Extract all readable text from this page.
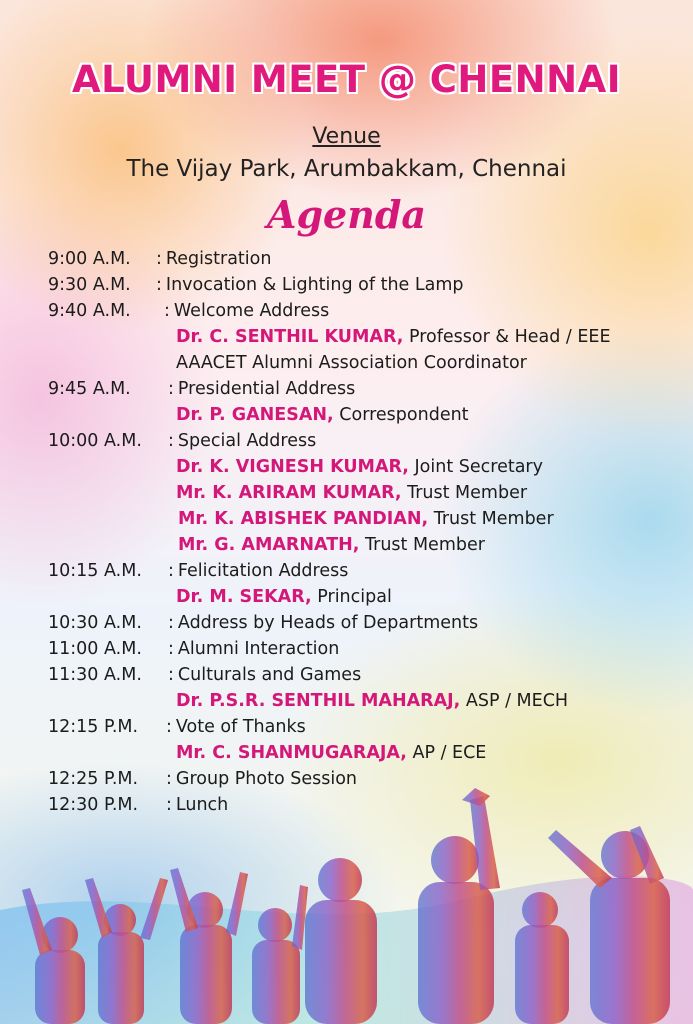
ALUMNI MEET @ CHENNAI
Venue
The Vijay Park, Arumbakkam, Chennai
Agenda
9:00 A.M. : Registration
9:30 A.M. : Invocation & Lighting of the Lamp
9:40 A.M. : Welcome Address
Dr. C. SENTHIL KUMAR, Professor & Head / EEE
AAACET Alumni Association Coordinator
9:45 A.M. : Presidential Address
Dr. P. GANESAN, Correspondent
10:00 A.M. : Special Address
Dr. K. VIGNESH KUMAR, Joint Secretary
Mr. K. ARIRAM KUMAR, Trust Member
Mr. K. ABISHEK PANDIAN, Trust Member
Mr. G. AMARNATH, Trust Member
10:15 A.M. : Felicitation Address
Dr. M. SEKAR, Principal
10:30 A.M. : Address by Heads of Departments
11:00 A.M. : Alumni Interaction
11:30 A.M. : Culturals and Games
Dr. P.S.R. SENTHIL MAHARAJ, ASP / MECH
12:15 P.M. : Vote of Thanks
Mr. C. SHANMUGARAJA, AP / ECE
12:25 P.M. : Group Photo Session
12:30 P.M. : Lunch
